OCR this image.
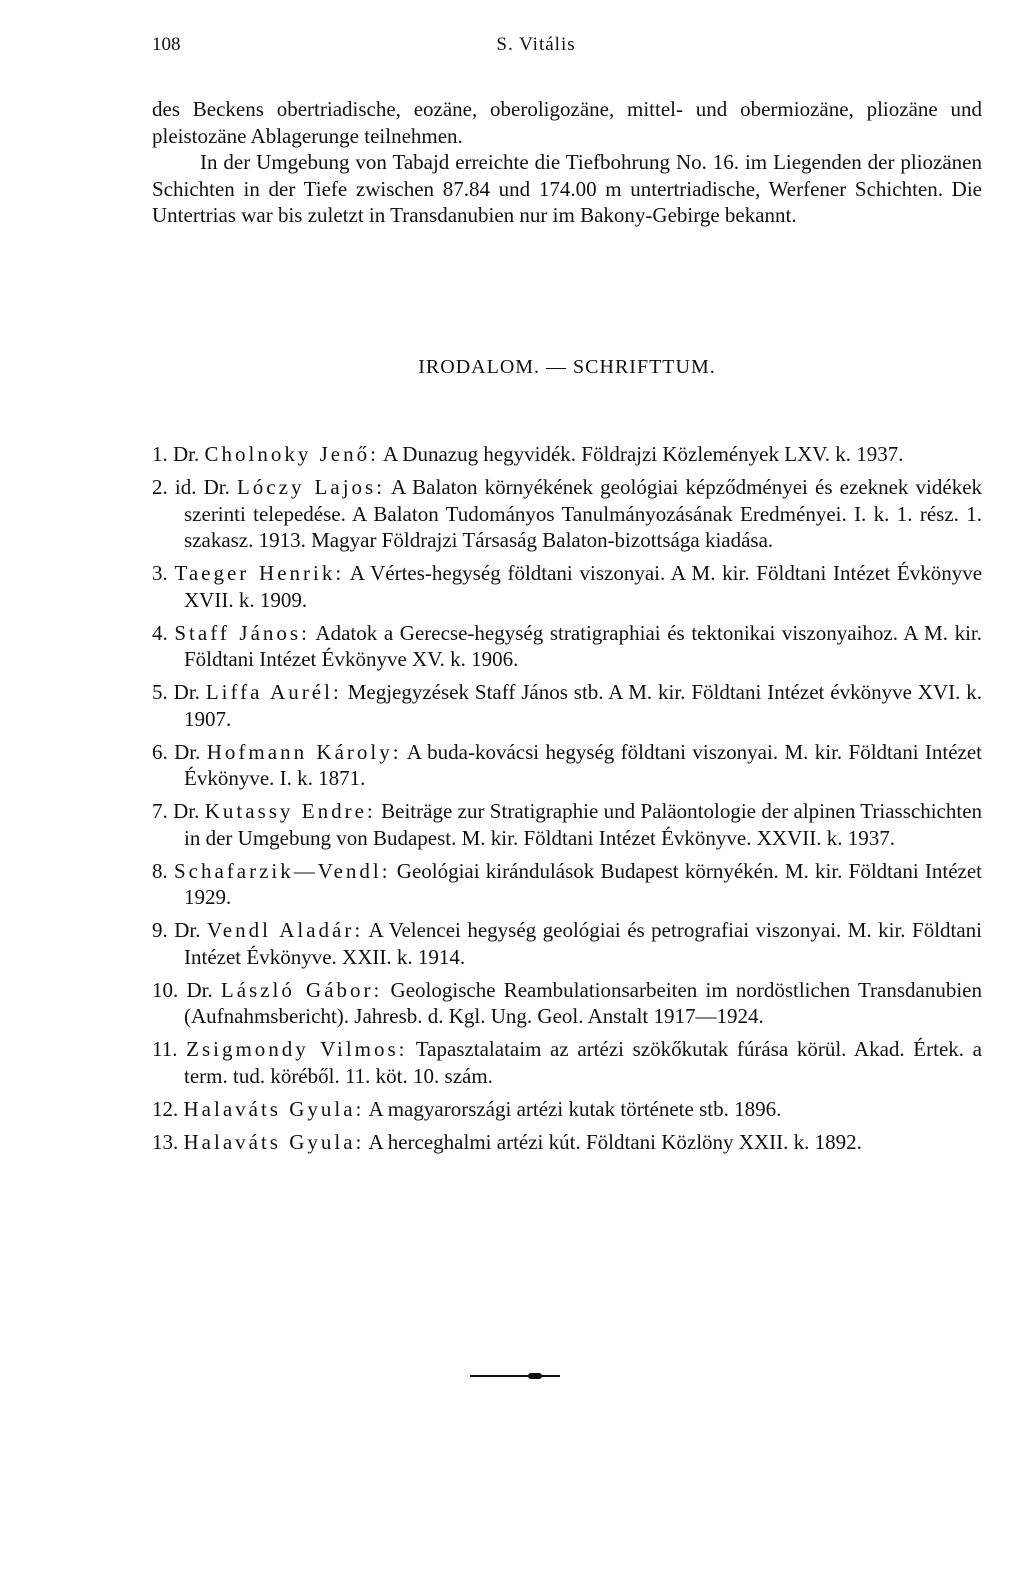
108	S. Vitális

des Beckens obertriadische, eozäne, oberoligozäne, mittel- und obermiozäne, pliozäne und pleistozäne Ablagerunge teilnehmen.

In der Umgebung von Tabajd erreichte die Tiefbohrung No. 16. im Liegenden der pliozänen Schichten in der Tiefe zwischen 87.84 und 174.00 m untertriadische, Werfener Schichten. Die Untertrias war bis zuletzt in Transdanubien nur im Bakony-Gebirge bekannt.

IRODALOM. — SCHRIFTTUM.
1. Dr. Cholnoky Jenő: A Dunazug hegyvidék. Földrajzi Közlemények LXV. k. 1937.
2. id. Dr. Lóczy Lajos: A Balaton környékének geológiai képződményei és ezeknek vidékek szerinti telepedése. A Balaton Tudományos Tanulmányozásának Eredményei. I. k. 1. rész. 1. szakasz. 1913. Magyar Földrajzi Társaság Balaton-bizottsága kiadása.
3. Taeger Henrik: A Vértes-hegység földtani viszonyai. A M. kir. Földtani Intézet Évkönyve XVII. k. 1909.
4. Staff János: Adatok a Gerecse-hegység stratigraphiai és tektonikai viszonyaihoz. A M. kir. Földtani Intézet Évkönyve XV. k. 1906.
5. Dr. Liffa Aurél: Megjegyzések Staff János stb. A M. kir. Földtani Intézet évkönyve XVI. k. 1907.
6. Dr. Hofmann Károly: A buda-kovácsi hegység földtani viszonyai. M. kir. Földtani Intézet Évkönyve. I. k. 1871.
7. Dr. Kutassy Endre: Beiträge zur Stratigraphie und Paläontologie der alpinen Triasschichten in der Umgebung von Budapest. M. kir. Földtani Intézet Évkönyve. XXVII. k. 1937.
8. Schafarzik—Vendl: Geológiai kirándulások Budapest környékén. M. kir. Földtani Intézet 1929.
9. Dr. Vendl Aladár: A Velencei hegység geológiai és petrografiai viszonyai. M. kir. Földtani Intézet Évkönyve. XXII. k. 1914.
10. Dr. László Gábor: Geologische Reambulationsarbeiten im nordöstlichen Transdanubien (Aufnahmsbericht). Jahresb. d. Kgl. Ung. Geol. Anstalt 1917—1924.
11. Zsigmondy Vilmos: Tapasztalataim az artézi szökőkutak fúrása körül. Akad. Értek. a term. tud. köréből. 11. köt. 10. szám.
12. Halaváts Gyula: A magyarországi artézi kutak története stb. 1896.
13. Halaváts Gyula: A herceghalmi artézi kút. Földtani Közlöny XXII. k. 1892.
